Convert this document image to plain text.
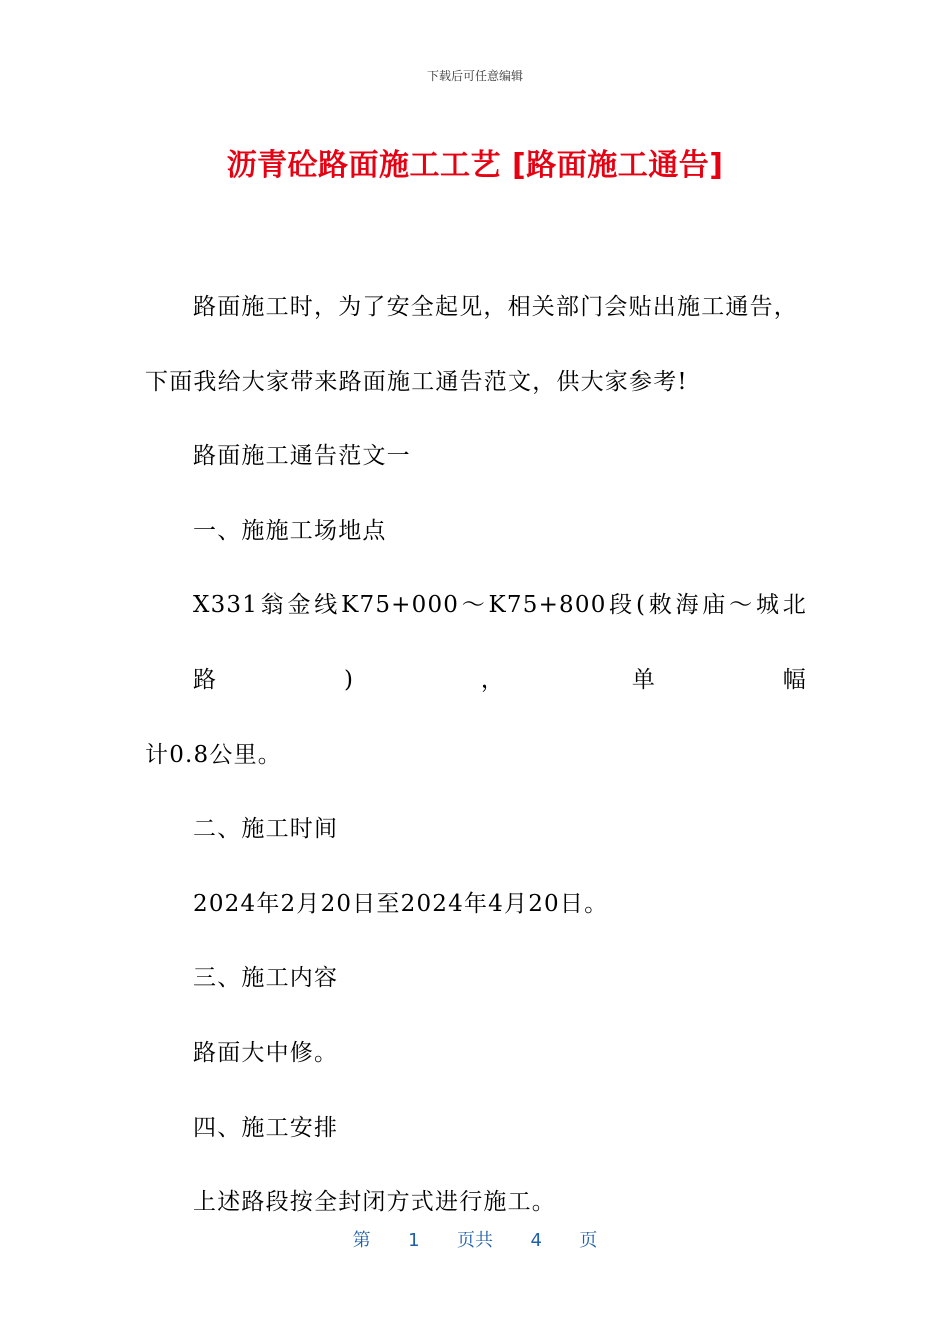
下载后可任意编辑
沥青砼路面施工工艺 [路面施工通告]

路面施工时，为了安全起见，相关部门会贴出施工通告，

下面我给大家带来路面施工通告范文，供大家参考!

路面施工通告范文一

一、施施工场地点

X331翁金线K75+000～K75+800段(敕海庙～城北路)，单幅

计0.8公里。

二、施工时间

2024年2月20日至2024年4月20日。

三、施工内容

路面大中修。

四、施工安排

上述路段按全封闭方式进行施工。

第 1 页共 4 页
